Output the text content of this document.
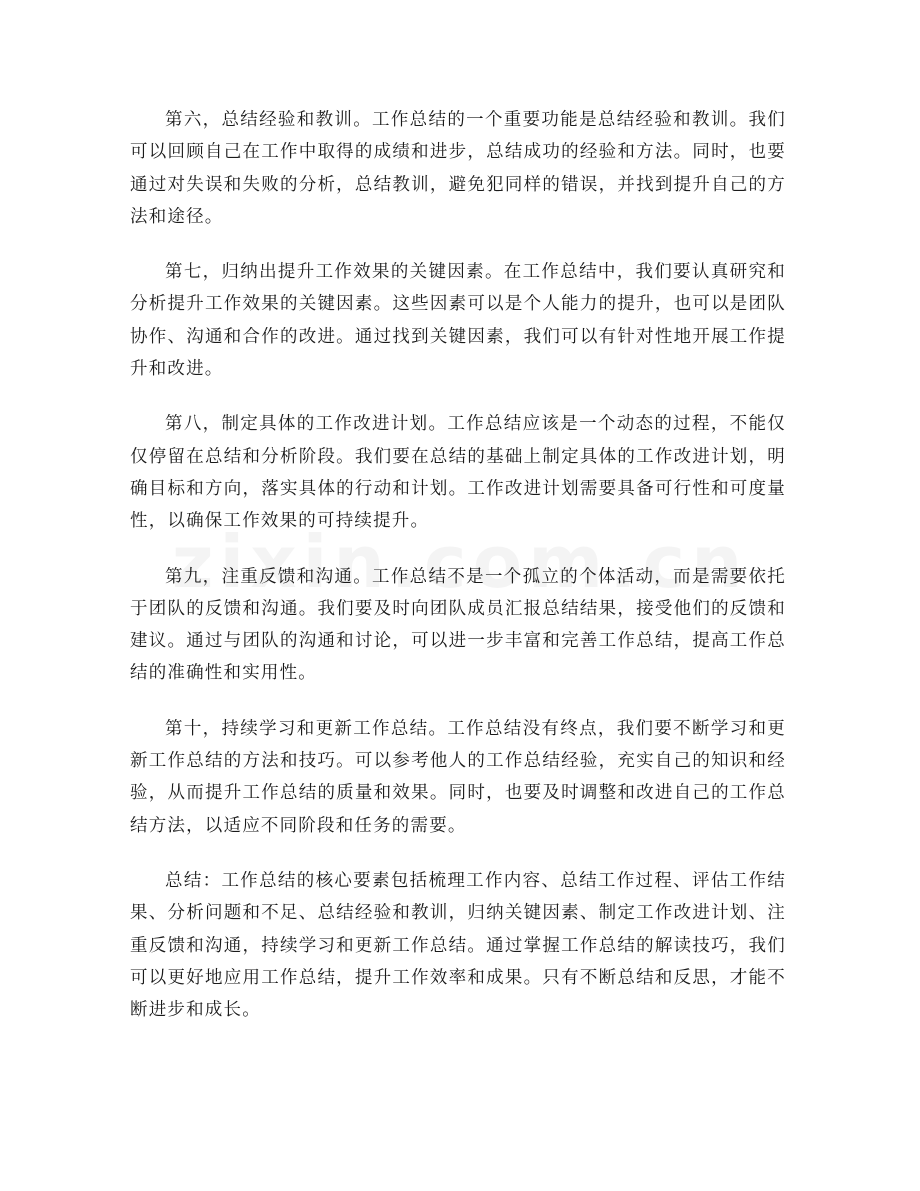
第六，总结经验和教训。工作总结的一个重要功能是总结经验和教训。我们可以回顾自己在工作中取得的成绩和进步，总结成功的经验和方法。同时，也要通过对失误和失败的分析，总结教训，避免犯同样的错误，并找到提升自己的方法和途径。

第七，归纳出提升工作效果的关键因素。在工作总结中，我们要认真研究和分析提升工作效果的关键因素。这些因素可以是个人能力的提升，也可以是团队协作、沟通和合作的改进。通过找到关键因素，我们可以有针对性地开展工作提升和改进。

第八，制定具体的工作改进计划。工作总结应该是一个动态的过程，不能仅仅停留在总结和分析阶段。我们要在总结的基础上制定具体的工作改进计划，明确目标和方向，落实具体的行动和计划。工作改进计划需要具备可行性和可度量性，以确保工作效果的可持续提升。

第九，注重反馈和沟通。工作总结不是一个孤立的个体活动，而是需要依托于团队的反馈和沟通。我们要及时向团队成员汇报总结结果，接受他们的反馈和建议。通过与团队的沟通和讨论，可以进一步丰富和完善工作总结，提高工作总结的准确性和实用性。

第十，持续学习和更新工作总结。工作总结没有终点，我们要不断学习和更新工作总结的方法和技巧。可以参考他人的工作总结经验，充实自己的知识和经验，从而提升工作总结的质量和效果。同时，也要及时调整和改进自己的工作总结方法，以适应不同阶段和任务的需要。

总结：工作总结的核心要素包括梳理工作内容、总结工作过程、评估工作结果、分析问题和不足、总结经验和教训，归纳关键因素、制定工作改进计划、注重反馈和沟通，持续学习和更新工作总结。通过掌握工作总结的解读技巧，我们可以更好地应用工作总结，提升工作效率和成果。只有不断总结和反思，才能不断进步和成长。
